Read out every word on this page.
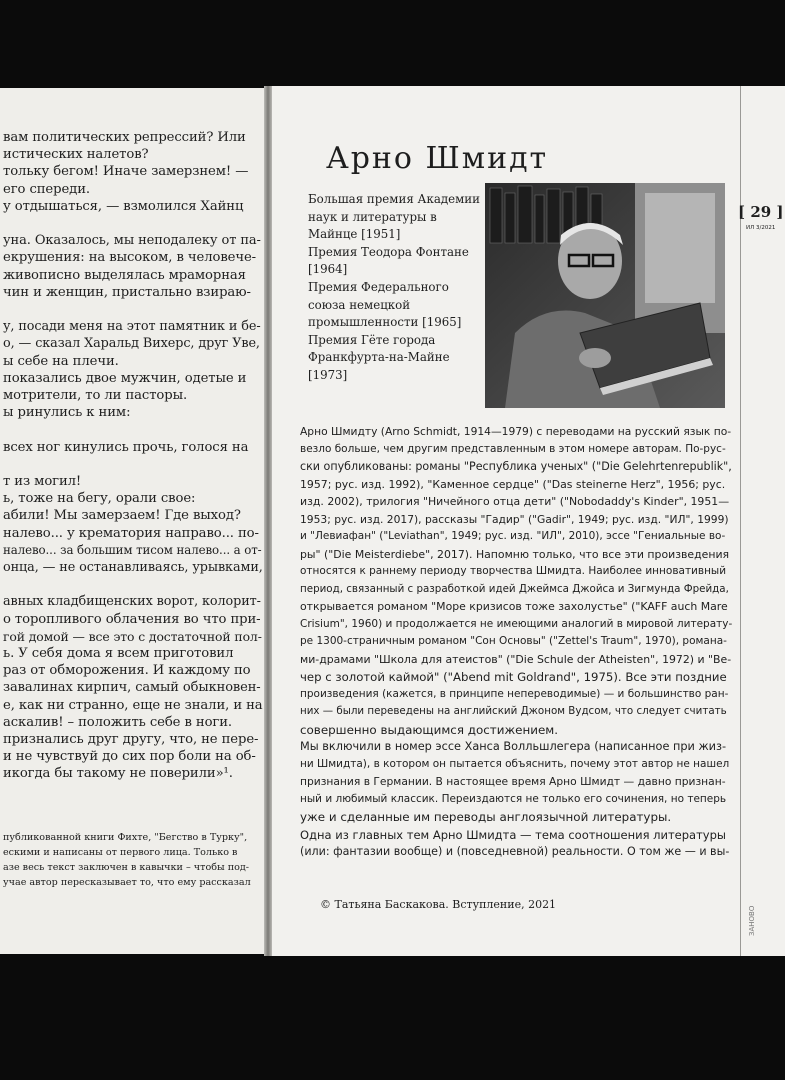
вам политических репрессий? Или
истических налетов?
тольку бегом! Иначе замерзнем! —
его спереди.
у отдышаться, — взмолился Хайнц
уна. Оказалось, мы неподалеку от па-
екрушения: на высоком, в человече-
живописно выделялась мраморная
чин и женщин, пристально взираю-
у, посади меня на этот памятник и бе-
о, — сказал Харальд Вихерс, друг Уве,
ы себе на плечи.
показались двое мужчин, одетые и
мотрители, то ли пасторы.
ы ринулись к ним:
всех ног кинулись прочь, голося на
т из могил!
ь, тоже на бегу, орали свое:
абили! Мы замерзаем! Где выход?
налево... у крематория направо... по-
налево... за большим тисом налево... а от-
онца, — не останавливаясь, урывками,
авных кладбищенских ворот, колорит-
о торопливого облачения во что при-
гой домой — все это с достаточной пол-
ь. У себя дома я всем приготовил
раз от обморожения. И каждому по
завалинах кирпич, самый обыкновен-
е, как ни странно, еще не знали, и на
аскалив! – положить себе в ноги.
признались друг другу, что, не пере-
и не чувствуй до сих пор боли на об-
икогда бы такому не поверили»¹.
публикованной книги Фихте, "Бегство в Турку",
ескими и написаны от первого лица. Только в
азе весь текст заключен в кавычки – чтобы под-
учае автор пересказывает то, что ему рассказал
Арно Шмидт
Большая премия Академии
наук и литературы в
Майнце [1951]
Премия Теодора Фонтане
[1964]
Премия Федерального
союза немецкой
промышленности [1965]
Премия Гёте города
Франкфурта-на-Майне
[1973]
[ 29 ]
ИЛ 3/2021
Арно Шмидту (Arno Schmidt, 1914—1979) с переводами на русский язык по-
везло больше, чем другим представленным в этом номере авторам. По-рус-
ски опубликованы: романы "Республика ученых" ("Die Gelehrtenrepublik",
1957; рус. изд. 1992), "Каменное сердце" ("Das steinerne Herz", 1956; рус.
изд. 2002), трилогия "Ничейного отца дети" ("Nobodaddy's Kinder", 1951—
1953; рус. изд. 2017), рассказы "Гадир" ("Gadir", 1949; рус. изд. "ИЛ", 1999)
и "Левиафан" ("Leviathan", 1949; рус. изд. "ИЛ", 2010), эссе "Гениальные во-
ры" ("Die Meisterdiebe", 2017). Напомню только, что все эти произведения
относятся к раннему периоду творчества Шмидта. Наиболее инновативный
период, связанный с разработкой идей Джеймса Джойса и Зигмунда Фрейда,
открывается романом "Море кризисов тоже захолустье" ("KAFF auch Mare
Crisium", 1960) и продолжается не имеющими аналогий в мировой литерату-
ре 1300-страничным романом "Сон Основы" ("Zettel's Traum", 1970), романа-
ми-драмами "Школа для атеистов" ("Die Schule der Atheisten", 1972) и "Ве-
чер с золотой каймой" ("Abend mit Goldrand", 1975). Все эти поздние
произведения (кажется, в принципе непереводимые) — и большинство ран-
них — были переведены на английский Джоном Вудсом, что следует считать
совершенно выдающимся достижением.
Мы включили в номер эссе Ханса Волльшлегера (написанное при жиз-
ни Шмидта), в котором он пытается объяснить, почему этот автор не нашел
признания в Германии. В настоящее время Арно Шмидт — давно признан-
ный и любимый классик. Переиздаются не только его сочинения, но теперь
уже и сделанные им переводы англоязычной литературы.
Одна из главных тем Арно Шмидта — тема соотношения литературы
(или: фантазии вообще) и (повседневной) реальности. О том же — и вы-
© Татьяна Баскакова. Вступление, 2021
ЗАНОВО
